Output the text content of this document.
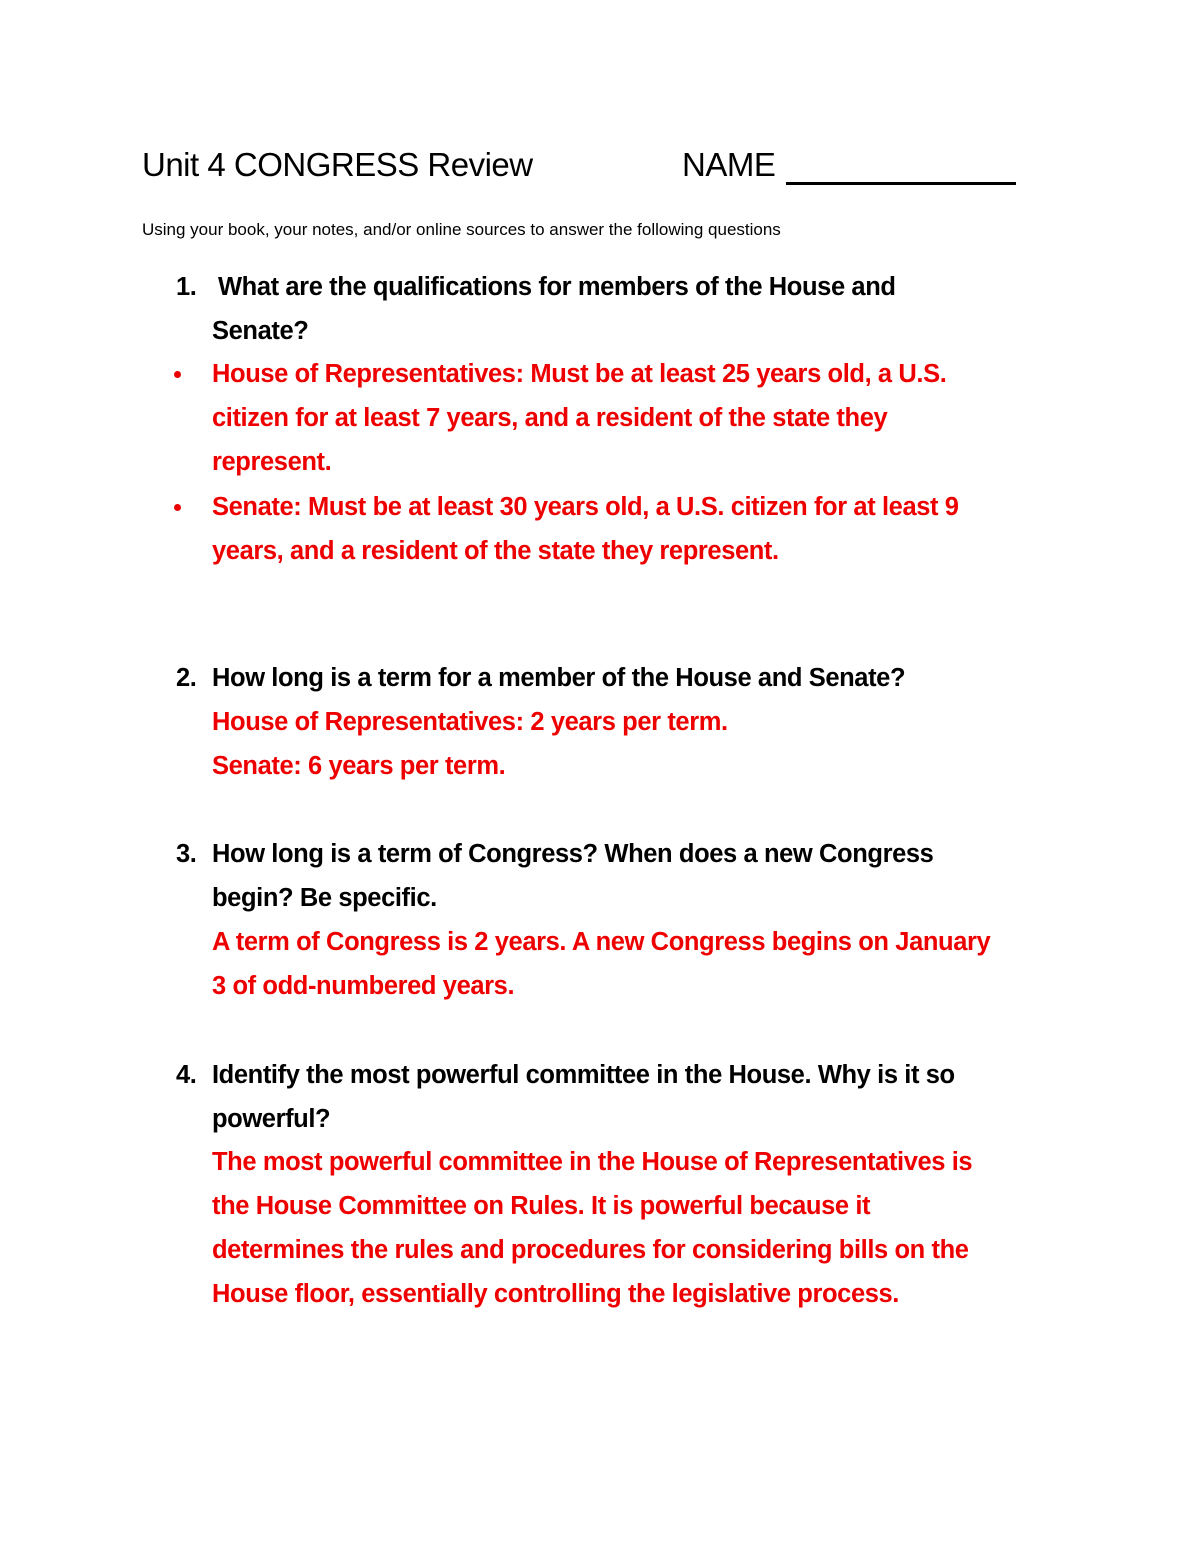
Unit 4 CONGRESS Review	NAME
Using your book, your notes, and/or online sources to answer the following questions
1. What are the qualifications for members of the House and
Senate?
House of Representatives: Must be at least 25 years old, a U.S.
citizen for at least 7 years, and a resident of the state they
represent.
Senate: Must be at least 30 years old, a U.S. citizen for at least 9
years, and a resident of the state they represent.
2. How long is a term for a member of the House and Senate?
House of Representatives: 2 years per term.
Senate: 6 years per term.
3. How long is a term of Congress? When does a new Congress
begin? Be specific.
A term of Congress is 2 years. A new Congress begins on January
3 of odd-numbered years.
4. Identify the most powerful committee in the House. Why is it so
powerful?
The most powerful committee in the House of Representatives is
the House Committee on Rules. It is powerful because it
determines the rules and procedures for considering bills on the
House floor, essentially controlling the legislative process.
